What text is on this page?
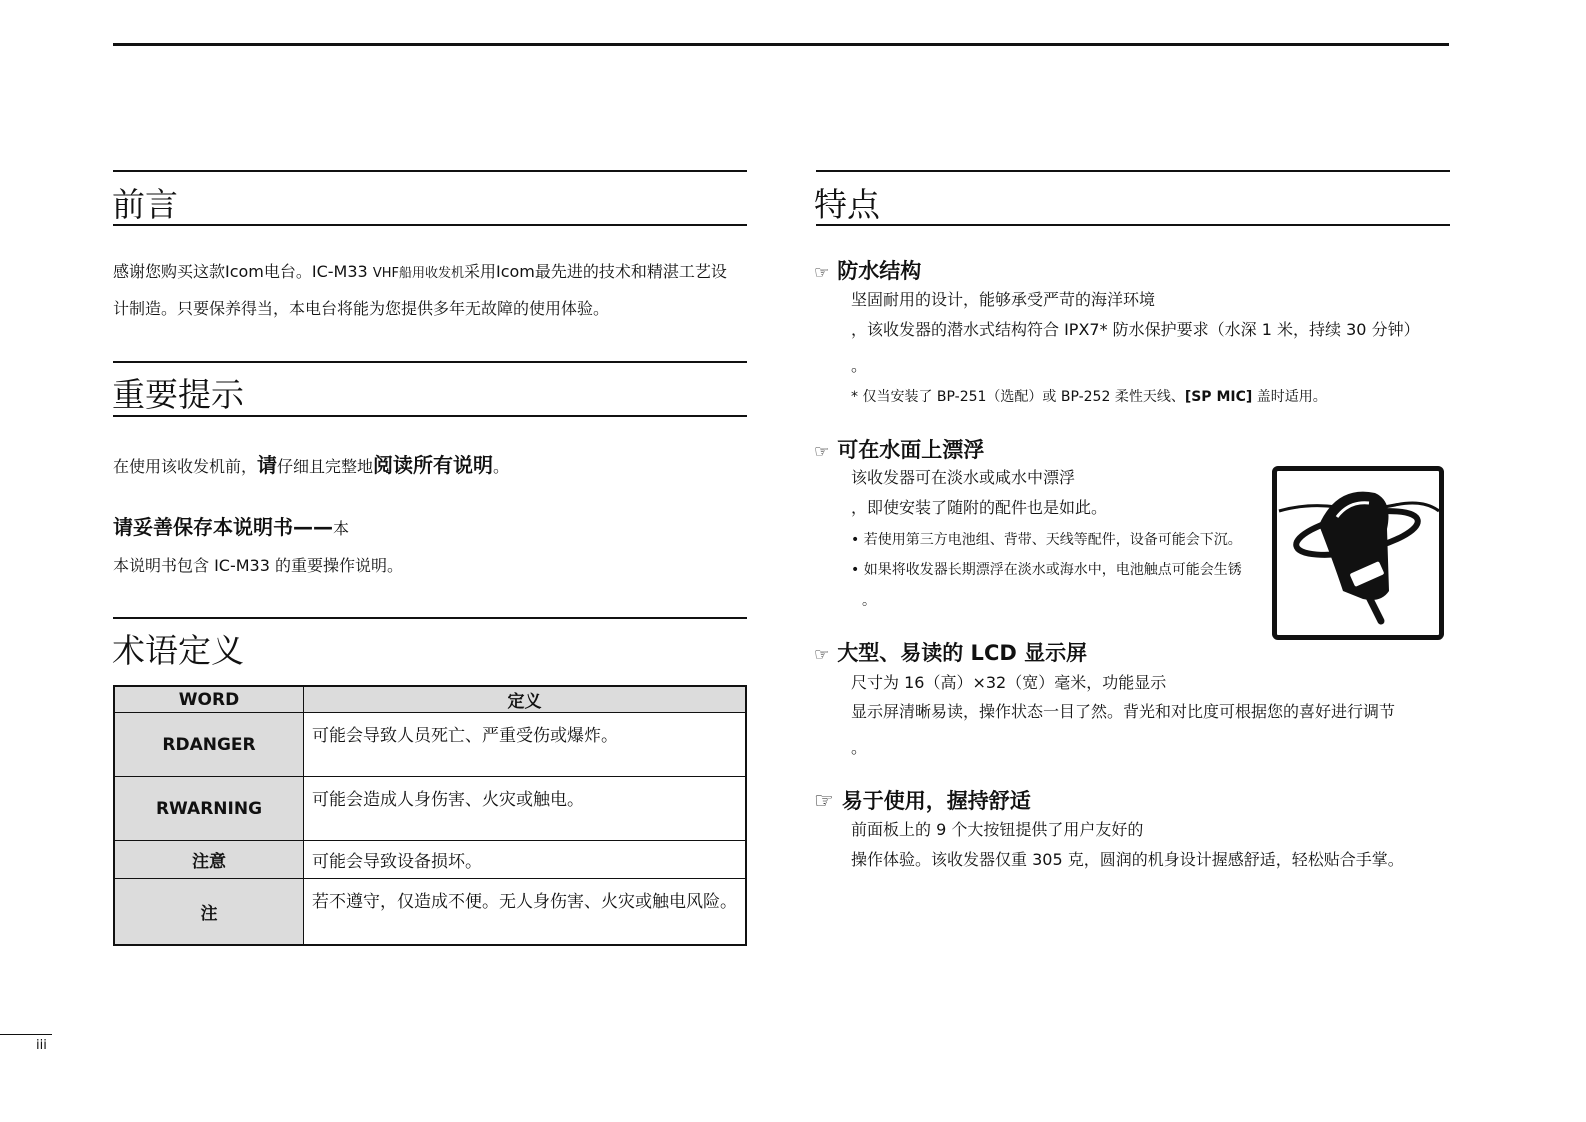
前言
感谢您购买这款Icom电台。IC-M33 VHF船用收发机采用Icom最先进的技术和精湛工艺设
计制造。只要保养得当，本电台将能为您提供多年无故障的使用体验。
重要提示
在使用该收发机前，请仔细且完整地阅读所有说明。
请妥善保存本说明书——本
本说明书包含 IC-M33 的重要操作说明。
术语定义
WORD	定义
RDANGER	可能会导致人员死亡、严重受伤或爆炸。
RWARNING	可能会造成人身伤害、火灾或触电。
注意	可能会导致设备损坏。
注	若不遵守，仅造成不便。无人身伤害、火灾或触电风险。
特点
☞ 防水结构
坚固耐用的设计，能够承受严苛的海洋环境
，该收发器的潜水式结构符合 IPX7* 防水保护要求（水深 1 米，持续 30 分钟）
。
* 仅当安装了 BP-251（选配）或 BP-252 柔性天线、[SP MIC] 盖时适用。
☞ 可在水面上漂浮
该收发器可在淡水或咸水中漂浮
，即使安装了随附的配件也是如此。
• 若使用第三方电池组、背带、天线等配件，设备可能会下沉。
• 如果将收发器长期漂浮在淡水或海水中，电池触点可能会生锈
。
☞ 大型、易读的 LCD 显示屏
尺寸为 16（高）×32（宽）毫米，功能显示
显示屏清晰易读，操作状态一目了然。背光和对比度可根据您的喜好进行调节
。
☞ 易于使用，握持舒适
前面板上的 9 个大按钮提供了用户友好的
操作体验。该收发器仅重 305 克，圆润的机身设计握感舒适，轻松贴合手掌。
iii
